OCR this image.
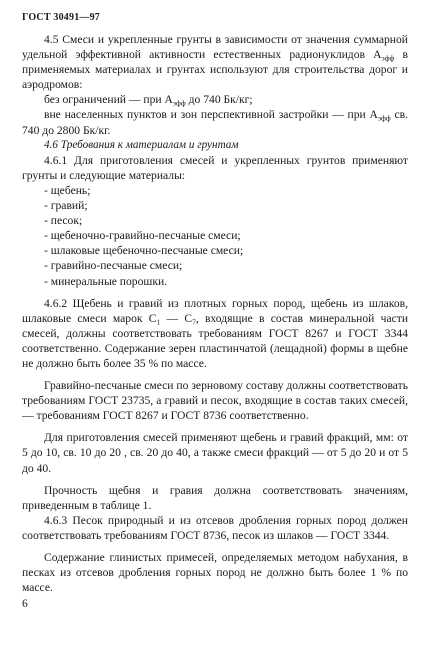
ГОСТ 30491—97

4.5 Смеси и укрепленные грунты в зависимости от значения суммарной удельной эффективной активности естественных радионуклидов $A_{эфф}$ в применяемых материалах и грунтах используют для строительства дорог и аэродромов:

без ограничений — при $A_{эфф}$ до 740 Бк/кг;

вне населенных пунктов и зон перспективной застройки — при $A_{эфф}$ св. 740 до 2800 Бк/кг.

4.6 Требования к материалам и грунтам

4.6.1 Для приготовления смесей и укрепленных грунтов применяют грунты и следующие материалы:

- щебень;
- гравий;
- песок;
- щебеночно-гравийно-песчаные смеси;
- шлаковые щебеночно-песчаные смеси;
- гравийно-песчаные смеси;
- минеральные порошки.

4.6.2 Щебень и гравий из плотных горных пород, щебень из шлаков, шлаковые смеси марок $C_1$ — $C_7$, входящие в состав минеральной части смесей, должны соответствовать требованиям ГОСТ 8267 и ГОСТ 3344 соответственно. Содержание зерен пластинчатой (лещадной) формы в щебне не должно быть более 35 % по массе.

Гравийно-песчаные смеси по зерновому составу должны соответствовать требованиям ГОСТ 23735, а гравий и песок, входящие в состав таких смесей, — требованиям ГОСТ 8267 и ГОСТ 8736 соответственно.

Для приготовления смесей применяют щебень и гравий фракций, мм: от 5 до 10, св. 10 до 20 , св. 20 до 40, а также смеси фракций — от 5 до 20 и от 5 до 40.

Прочность щебня и гравия должна соответствовать значениям, приведенным в таблице 1.

4.6.3 Песок природный и из отсевов дробления горных пород должен соответствовать требованиям ГОСТ 8736, песок из шлаков — ГОСТ 3344.

Содержание глинистых примесей, определяемых методом набухания, в песках из отсевов дробления горных пород не должно быть более 1 % по массе.

6
